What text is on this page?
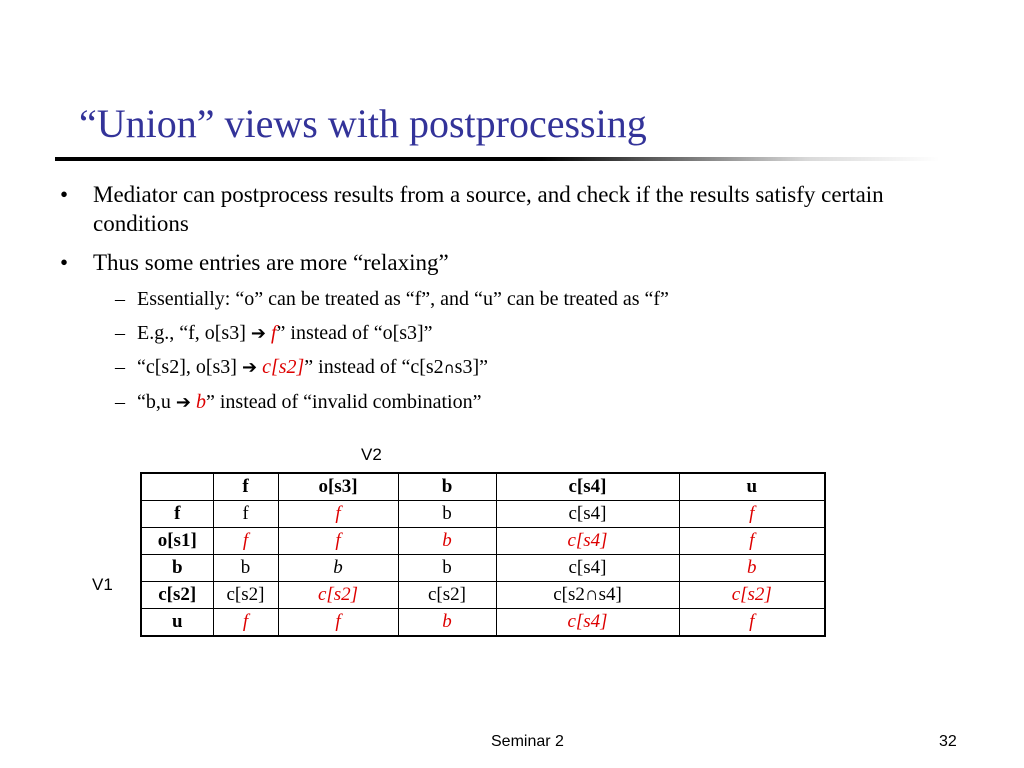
“Union” views with postprocessing
• Mediator can postprocess results from a source, and check if the results satisfy certain conditions
• Thus some entries are more “relaxing”
– Essentially: “o” can be treated as “f”, and “u” can be treated as “f”
– E.g., “f, o[s3] ➔ f” instead of “o[s3]”
– “c[s2], o[s3] ➔ c[s2]” instead of “c[s2∩s3]”
– “b,u ➔ b” instead of “invalid combination”
V2
V1
	f	o[s3]	b	c[s4]	u
f	f	f	b	c[s4]	f
o[s1]	f	f	b	c[s4]	f
b	b	b	b	c[s4]	b
c[s2]	c[s2]	c[s2]	c[s2]	c[s2∩s4]	c[s2]
u	f	f	b	c[s4]	f
Seminar 2	32
